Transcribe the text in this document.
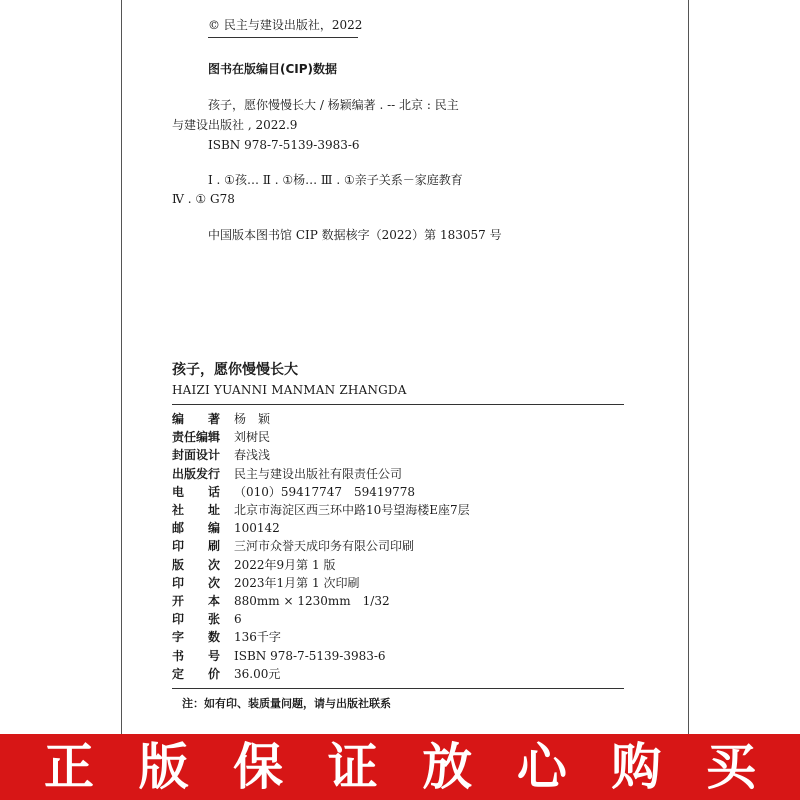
© 民主与建设出版社，2022
图书在版编目(CIP)数据
孩子，愿你慢慢长大 / 杨颖编著 . -- 北京 : 民主
与建设出版社 , 2022.9
ISBN 978-7-5139-3983-6
Ⅰ . ①孩… Ⅱ . ①杨… Ⅲ . ①亲子关系－家庭教育
Ⅳ . ① G78
中国版本图书馆 CIP 数据核字（2022）第 183057 号
孩子，愿你慢慢长大
HAIZI YUANNI MANMAN ZHANGDA
编 著 杨　颖
责任编辑	刘树民
封面设计	春浅浅
出版发行	民主与建设出版社有限责任公司
电 话 （010）59417747　59419778
社 址 北京市海淀区西三环中路10号望海楼E座7层
邮 编 100142
印 刷 三河市众誉天成印务有限公司印刷
版 次 2022年9月第 1 版
印 次 2023年1月第 1 次印刷
开 本 880mm × 1230mm　1/32
印 张 6
字 数 136千字
书 号 ISBN 978-7-5139-3983-6
定 价 36.00元
注：如有印、装质量问题，请与出版社联系
正 版 保 证 放 心 购 买
